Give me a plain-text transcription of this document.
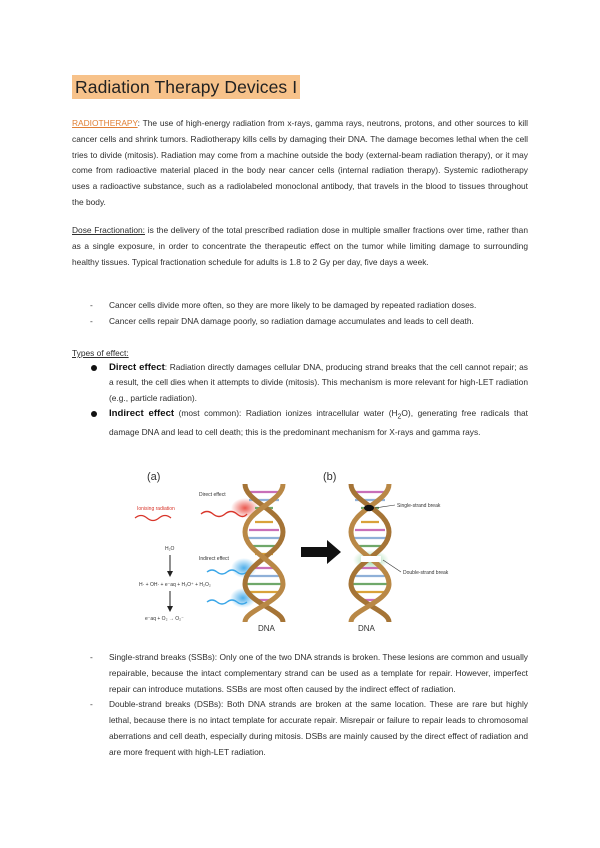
Radiation Therapy Devices I
RADIOTHERAPY: The use of high-energy radiation from x-rays, gamma rays, neutrons, protons, and other sources to kill cancer cells and shrink tumors. Radiotherapy kills cells by damaging their DNA. The damage becomes lethal when the cell tries to divide (mitosis). Radiation may come from a machine outside the body (external-beam radiation therapy), or it may come from radioactive material placed in the body near cancer cells (internal radiation therapy). Systemic radiotherapy uses a radioactive substance, such as a radiolabeled monoclonal antibody, that travels in the blood to tissues throughout the body.
Dose Fractionation: is the delivery of the total prescribed radiation dose in multiple smaller fractions over time, rather than as a single exposure, in order to concentrate the therapeutic effect on the tumor while limiting damage to surrounding healthy tissues. Typical fractionation schedule for adults is 1.8 to 2 Gy per day, five days a week.
- Cancer cells divide more often, so they are more likely to be damaged by repeated radiation doses.
- Cancer cells repair DNA damage poorly, so radiation damage accumulates and leads to cell death.
Types of effect:
Direct effect: Radiation directly damages cellular DNA, producing strand breaks that the cell cannot repair; as a result, the cell dies when it attempts to divide (mitosis). This mechanism is more relevant for high-LET radiation (e.g., particle radiation).
Indirect effect (most common): Radiation ionizes intracellular water $(H_2O)$, generating free radicals that damage DNA and lead to cell death; this is the predominant mechanism for X-rays and gamma rays.
(a)	(b)
Ionising radiation
Direct effect
H₂O
Indirect effect
H· + OH· + e⁻aq + H₃O⁺ + H₂O₂
e⁻aq + O₂ → O₂⁻
DNA
Single-strand break
Double-strand break
DNA
- Single-strand breaks (SSBs): Only one of the two DNA strands is broken. These lesions are common and usually repairable, because the intact complementary strand can be used as a template for repair. However, imperfect repair can introduce mutations. SSBs are most often caused by the indirect effect of radiation.
- Double-strand breaks (DSBs): Both DNA strands are broken at the same location. These are rare but highly lethal, because there is no intact template for accurate repair. Misrepair or failure to repair leads to chromosomal aberrations and cell death, especially during mitosis. DSBs are mainly caused by the direct effect of radiation and are more frequent with high-LET radiation.
